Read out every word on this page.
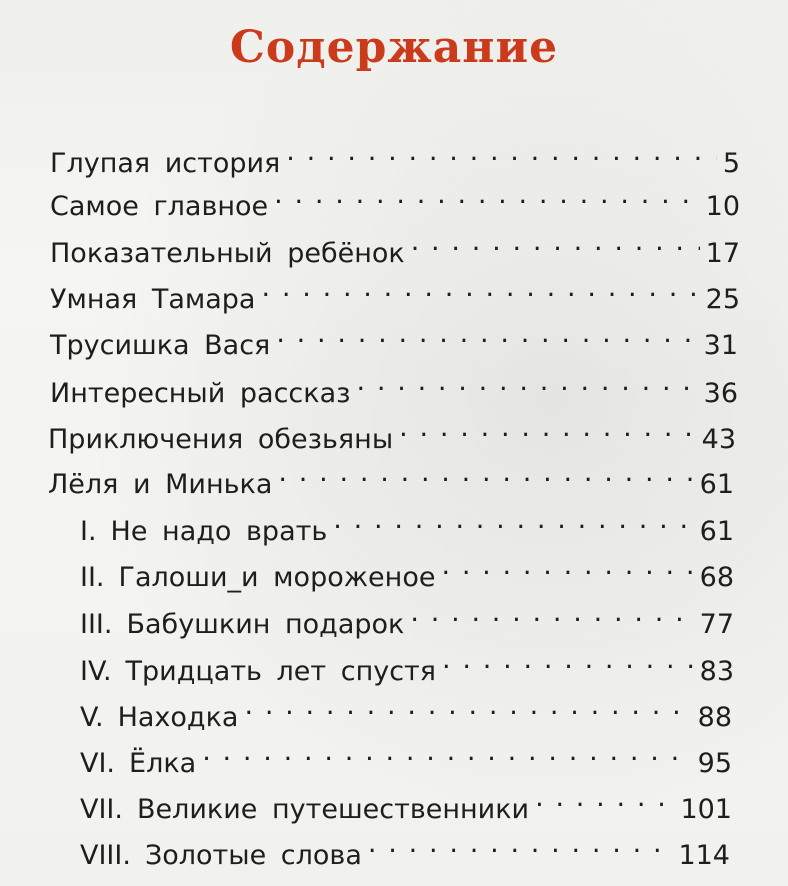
Содержание
Глупая история . . .	5
Самое главное . . .	10
Показательный ребёнок . . .	17
Умная Тамара . . .	25
Трусишка Вася . . .	31
Интересный рассказ . . .	36
Приключения обезьяны . . .	43
Лёля и Минька . . .	61
I. Не надо врать . . .	61
II. Галоши_и мороженое . . .	68
III. Бабушкин подарок . . .	77
IV. Тридцать лет спустя . . .	83
V. Находка . . .	88
VI. Ёлка . . .	95
VII. Великие путешественники . . .	101
VIII. Золотые слова . . .	114
